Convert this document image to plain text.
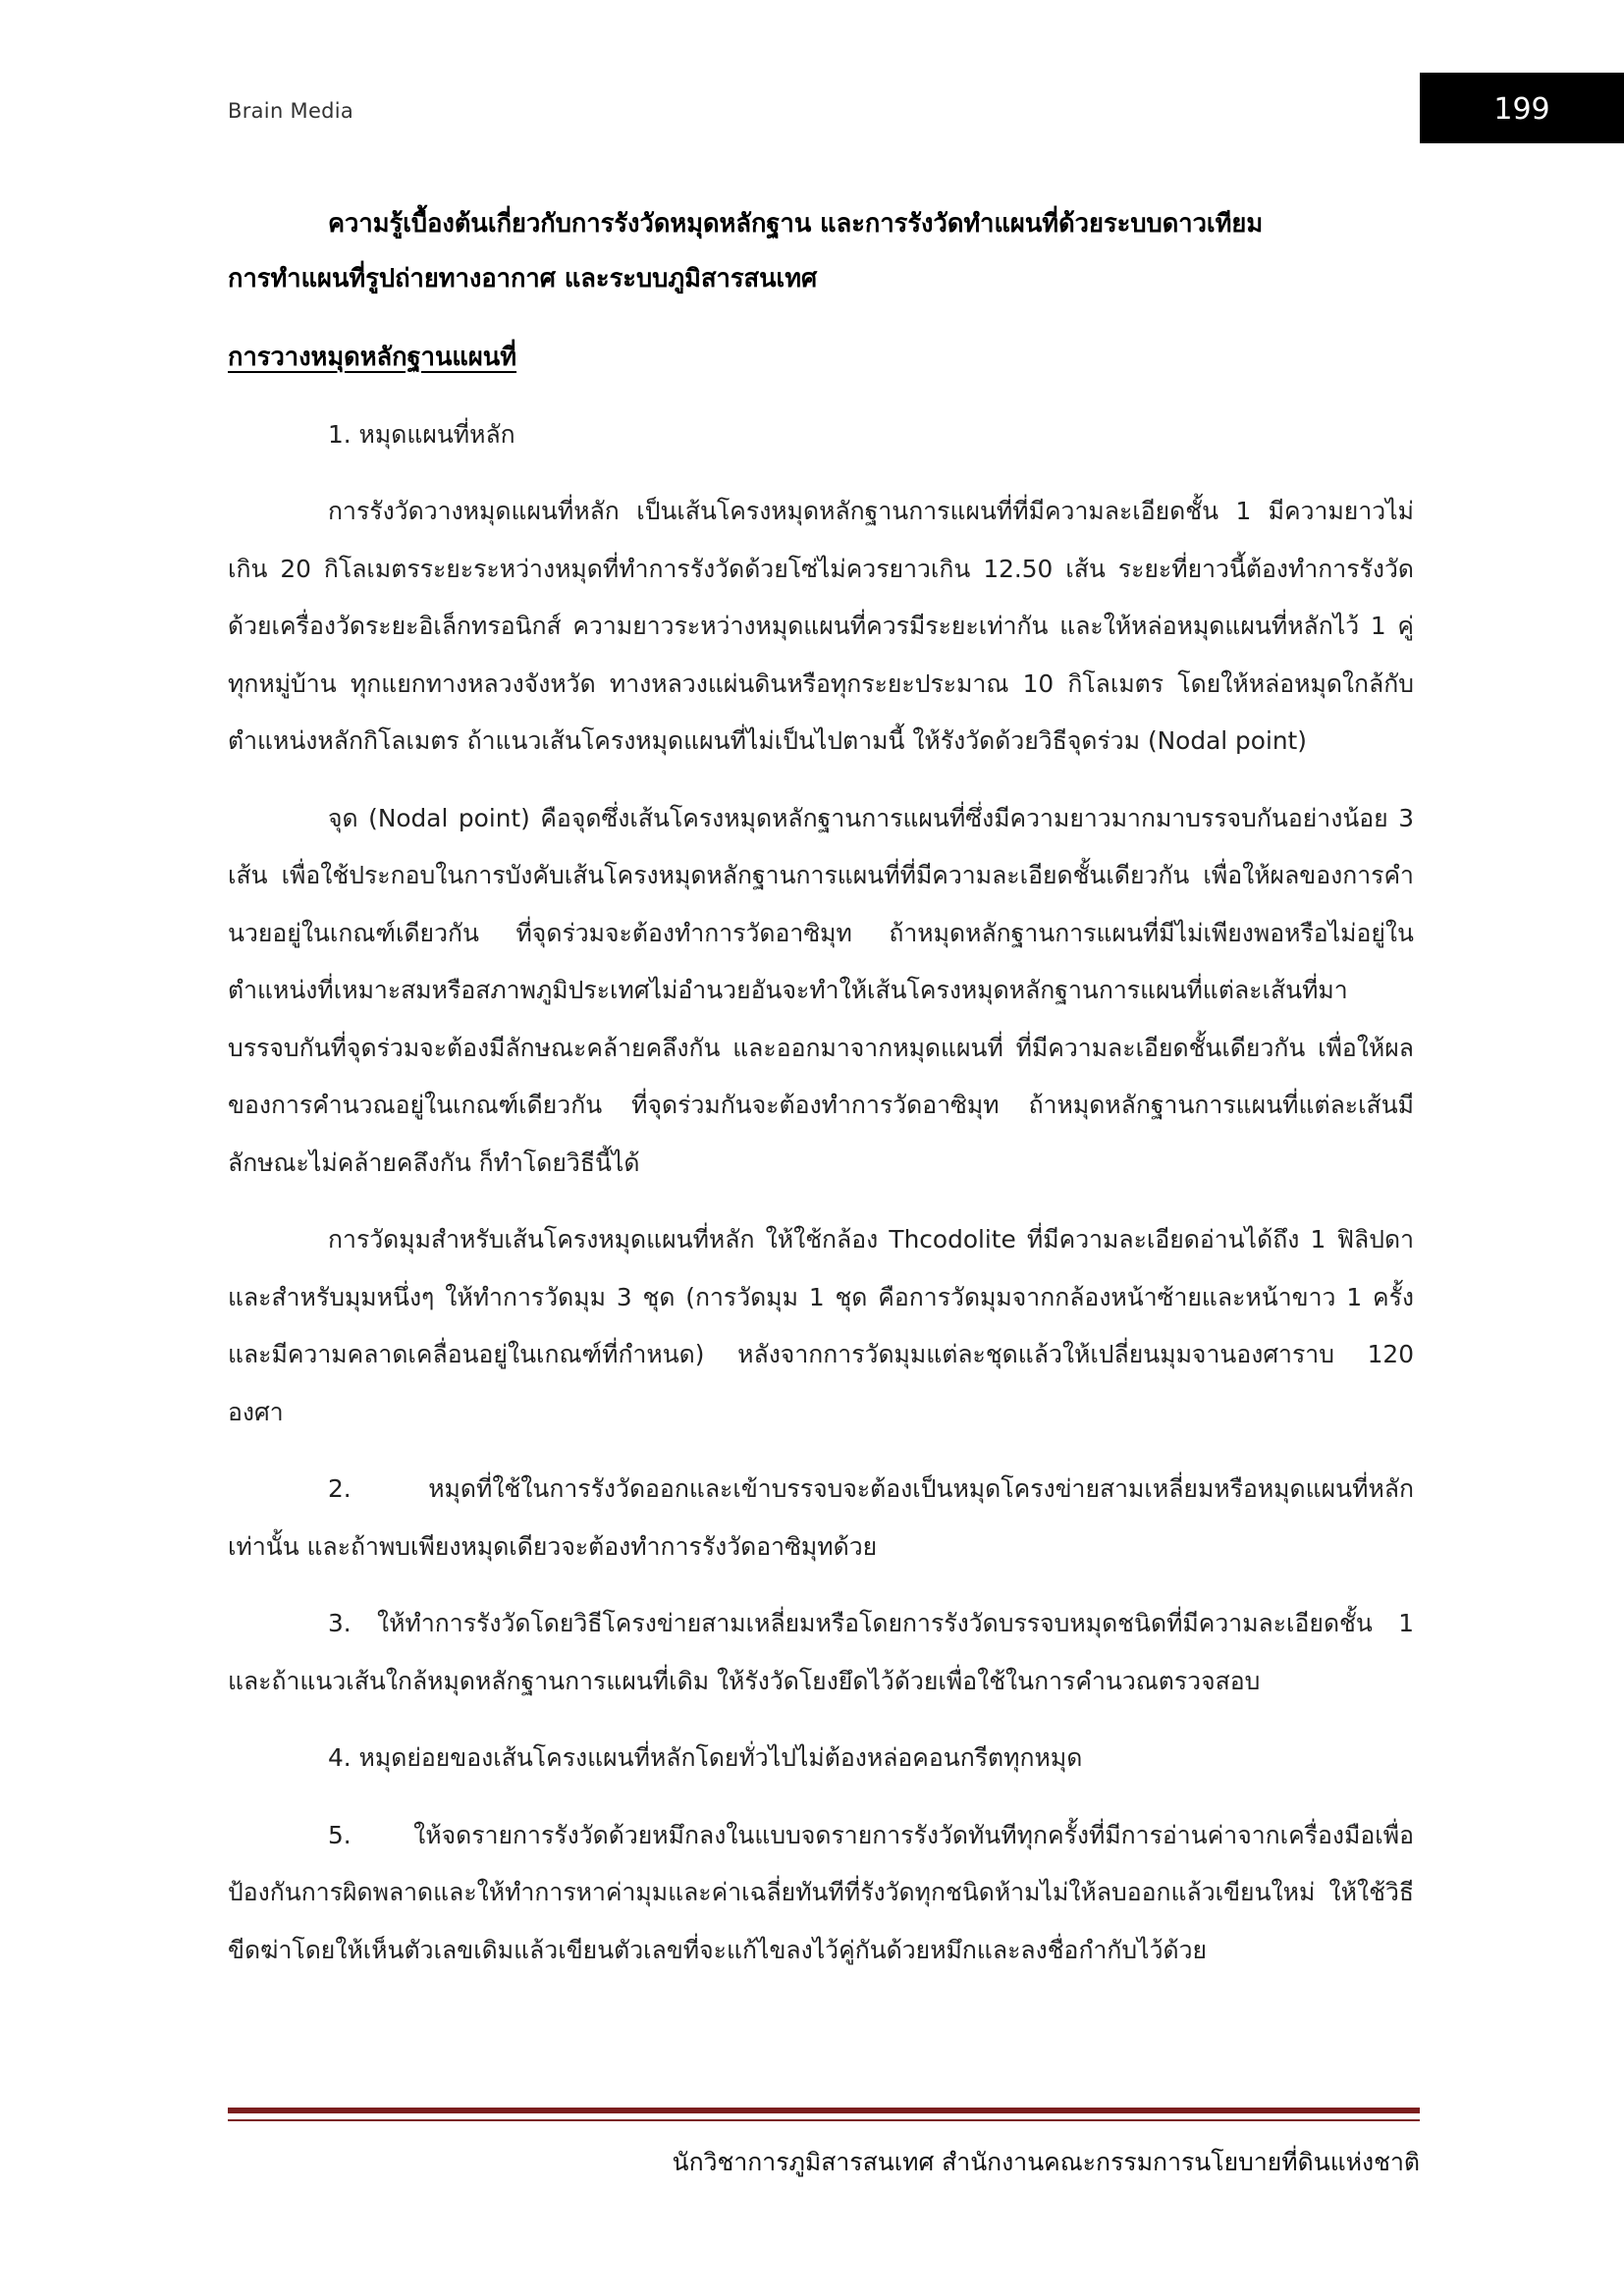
Brain Media	199
ความรู้เบื้องต้นเกี่ยวกับการรังวัดหมุดหลักฐาน และการรังวัดทำแผนที่ด้วยระบบดาวเทียม
การทำแผนที่รูปถ่ายทางอากาศ และระบบภูมิสารสนเทศ
การวางหมุดหลักฐานแผนที่
1. หมุดแผนที่หลัก

การรังวัดวางหมุดแผนที่หลัก เป็นเส้นโครงหมุดหลักฐานการแผนที่ที่มีความละเอียดชั้น 1 มีความยาวไม่เกิน 20 กิโลเมตรระยะระหว่างหมุดที่ทำการรังวัดด้วยโซ่ไม่ควรยาวเกิน 12.50 เส้น ระยะที่ยาวนี้ต้องทำการรังวัดด้วยเครื่องวัดระยะอิเล็กทรอนิกส์ ความยาวระหว่างหมุดแผนที่ควรมีระยะเท่ากัน และให้หล่อหมุดแผนที่หลักไว้ 1 คู่ ทุกหมู่บ้าน ทุกแยกทางหลวงจังหวัด ทางหลวงแผ่นดินหรือทุกระยะประมาณ 10 กิโลเมตร โดยให้หล่อหมุดใกล้กับตำแหน่งหลักกิโลเมตร ถ้าแนวเส้นโครงหมุดแผนที่ไม่เป็นไปตามนี้ ให้รังวัดด้วยวิธีจุดร่วม (Nodal point)

จุด (Nodal point) คือจุดซึ่งเส้นโครงหมุดหลักฐานการแผนที่ซึ่งมีความยาวมากมาบรรจบกันอย่างน้อย 3 เส้น เพื่อใช้ประกอบในการบังคับเส้นโครงหมุดหลักฐานการแผนที่ที่มีความละเอียดชั้นเดียวกัน เพื่อให้ผลของการคำนวยอยู่ในเกณฑ์เดียวกัน ที่จุดร่วมจะต้องทำการวัดอาซิมุท ถ้าหมุดหลักฐานการแผนที่มีไม่เพียงพอหรือไม่อยู่ในตำแหน่งที่เหมาะสมหรือสภาพภูมิประเทศไม่อำนวยอันจะทำให้เส้นโครงหมุดหลักฐานการแผนที่แต่ละเส้นที่มาบรรจบกันที่จุดร่วมจะต้องมีลักษณะคล้ายคลึงกัน และออกมาจากหมุดแผนที่ ที่มีความละเอียดชั้นเดียวกัน เพื่อให้ผลของการคำนวณอยู่ในเกณฑ์เดียวกัน ที่จุดร่วมกันจะต้องทำการวัดอาซิมุท ถ้าหมุดหลักฐานการแผนที่แต่ละเส้นมีลักษณะไม่คล้ายคลึงกัน ก็ทำโดยวิธีนี้ได้

การวัดมุมสำหรับเส้นโครงหมุดแผนที่หลัก ให้ใช้กล้อง Thcodolite ที่มีความละเอียดอ่านได้ถึง 1 ฟิลิปดาและสำหรับมุมหนึ่งๆ ให้ทำการวัดมุม 3 ชุด (การวัดมุม 1 ชุด คือการวัดมุมจากกล้องหน้าซ้ายและหน้าขาว 1 ครั้งและมีความคลาดเคลื่อนอยู่ในเกณฑ์ที่กำหนด) หลังจากการวัดมุมแต่ละชุดแล้วให้เปลี่ยนมุมจานองศาราบ 120 องศา

2. หมุดที่ใช้ในการรังวัดออกและเข้าบรรจบจะต้องเป็นหมุดโครงข่ายสามเหลี่ยมหรือหมุดแผนที่หลักเท่านั้น และถ้าพบเพียงหมุดเดียวจะต้องทำการรังวัดอาซิมุทด้วย

3. ให้ทำการรังวัดโดยวิธีโครงข่ายสามเหลี่ยมหรือโดยการรังวัดบรรจบหมุดชนิดที่มีความละเอียดชั้น 1 และถ้าแนวเส้นใกล้หมุดหลักฐานการแผนที่เดิม ให้รังวัดโยงยึดไว้ด้วยเพื่อใช้ในการคำนวณตรวจสอบ

4. หมุดย่อยของเส้นโครงแผนที่หลักโดยทั่วไปไม่ต้องหล่อคอนกรีตทุกหมุด

5. ให้จดรายการรังวัดด้วยหมึกลงในแบบจดรายการรังวัดทันทีทุกครั้งที่มีการอ่านค่าจากเครื่องมือเพื่อป้องกันการผิดพลาดและให้ทำการหาค่ามุมและค่าเฉลี่ยทันทีที่รังวัดทุกชนิดห้ามไม่ให้ลบออกแล้วเขียนใหม่ ให้ใช้วิธีขีดฆ่าโดยให้เห็นตัวเลขเดิมแล้วเขียนตัวเลขที่จะแก้ไขลงไว้คู่กันด้วยหมึกและลงชื่อกำกับไว้ด้วย

นักวิชาการภูมิสารสนเทศ สำนักงานคณะกรรมการนโยบายที่ดินแห่งชาติ
